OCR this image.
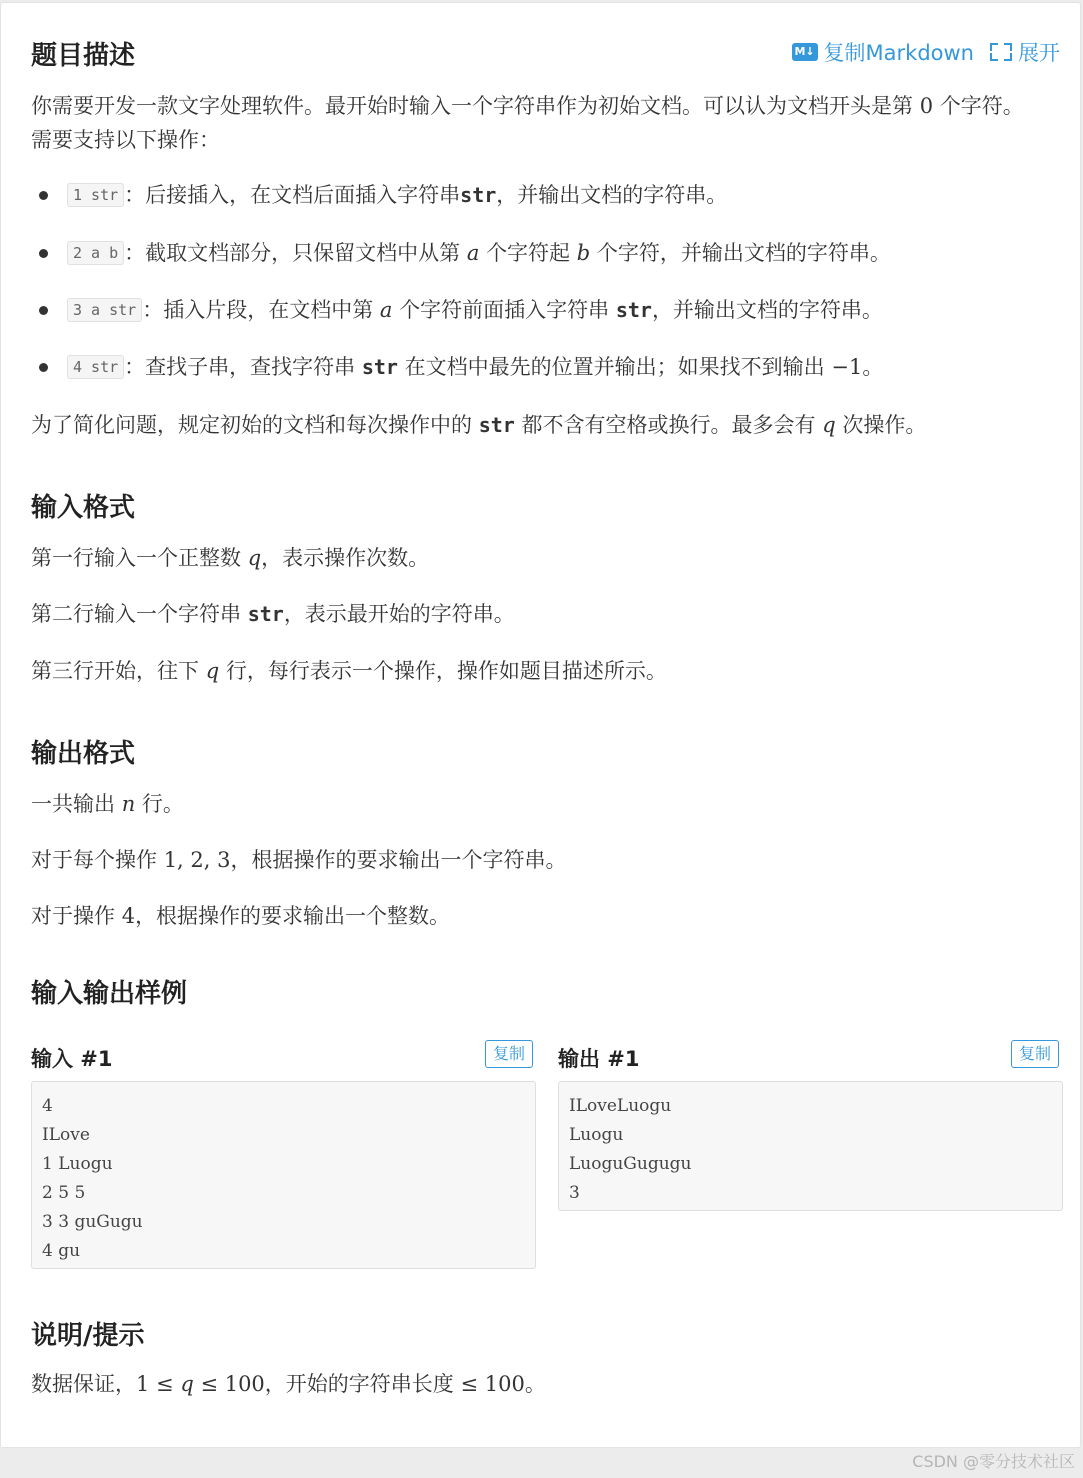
M↓ 复制Markdown 展开
题目描述

你需要开发一款文字处理软件。最开始时输入一个字符串作为初始文档。可以认为文档开头是第 0 个字符。需要支持以下操作：

1 str ：后接插入，在文档后面插入字符串str，并输出文档的字符串。

2 a b ：截取文档部分，只保留文档中从第 a 个字符起 b 个字符，并输出文档的字符串。

3 a str ：插入片段，在文档中第 a 个字符前面插入字符串 str，并输出文档的字符串。

4 str ：查找子串，查找字符串 str 在文档中最先的位置并输出；如果找不到输出 −1。

为了简化问题，规定初始的文档和每次操作中的 str 都不含有空格或换行。最多会有 q 次操作。

输入格式

第一行输入一个正整数 q，表示操作次数。

第二行输入一个字符串 str，表示最开始的字符串。

第三行开始，往下 q 行，每行表示一个操作，操作如题目描述所示。

输出格式

一共输出 n 行。

对于每个操作 1, 2, 3，根据操作的要求输出一个字符串。

对于操作 4，根据操作的要求输出一个整数。

输入输出样例
输入 #1	复制
4
ILove
1 Luogu
2 5 5
3 3 guGugu
4 gu
输出 #1	复制
ILoveLuogu
Luogu
LuoguGugugu
3
说明/提示

数据保证，1 ≤ q ≤ 100，开始的字符串长度 ≤ 100。

CSDN @零分技术社区
